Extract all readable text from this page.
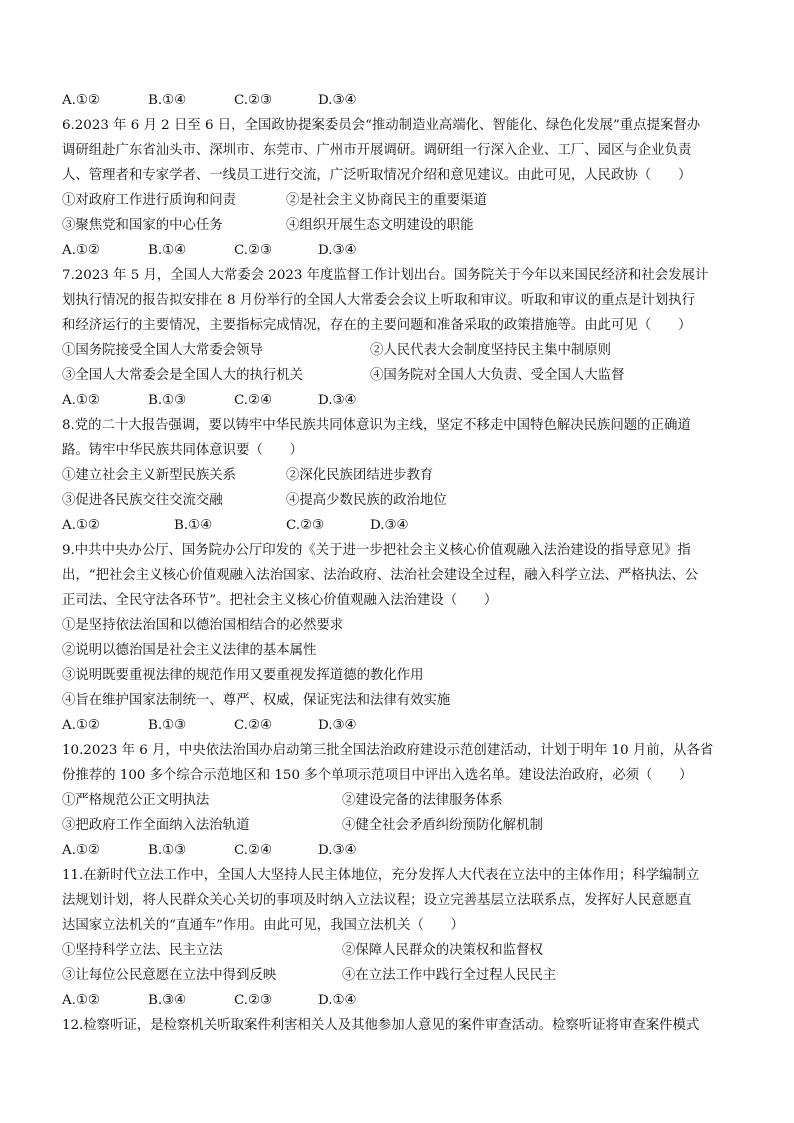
A.①②	B.①④	C.②③	D.③④
6.2023 年 6 月 2 日至 6 日，全国政协提案委员会“推动制造业高端化、智能化、绿色化发展”重点提案督办
调研组赴广东省汕头市、深圳市、东莞市、广州市开展调研。调研组一行深入企业、工厂、园区与企业负责
人、管理者和专家学者、一线员工进行交流，广泛听取情况介绍和意见建议。由此可见，人民政协（　　）
①对政府工作进行质询和问责	②是社会主义协商民主的重要渠道
③聚焦党和国家的中心任务	④组织开展生态文明建设的职能
A.①②	B.①④	C.②③	D.③④
7.2023 年 5 月，全国人大常委会 2023 年度监督工作计划出台。国务院关于今年以来国民经济和社会发展计
划执行情况的报告拟安排在 8 月份举行的全国人大常委会会议上听取和审议。听取和审议的重点是计划执行
和经济运行的主要情况，主要指标完成情况，存在的主要问题和准备采取的政策措施等。由此可见（　　）
①国务院接受全国人大常委会领导	②人民代表大会制度坚持民主集中制原则
③全国人大常委会是全国人大的执行机关	④国务院对全国人大负责、受全国人大监督
A.①②	B.①③	C.②④	D.③④
8.党的二十大报告强调，要以铸牢中华民族共同体意识为主线，坚定不移走中国特色解决民族问题的正确道
路。铸牢中华民族共同体意识要（　　）
①建立社会主义新型民族关系	②深化民族团结进步教育
③促进各民族交往交流交融	④提高少数民族的政治地位
A.①②	B.①④	C.②③	D.③④
9.中共中央办公厅、国务院办公厅印发的《关于进一步把社会主义核心价值观融入法治建设的指导意见》指
出，“把社会主义核心价值观融入法治国家、法治政府、法治社会建设全过程，融入科学立法、严格执法、公
正司法、全民守法各环节”。把社会主义核心价值观融入法治建设（　　）
①是坚持依法治国和以德治国相结合的必然要求
②说明以德治国是社会主义法律的基本属性
③说明既要重视法律的规范作用又要重视发挥道德的教化作用
④旨在维护国家法制统一、尊严、权威，保证宪法和法律有效实施
A.①②	B.①③	C.②④	D.③④
10.2023 年 6 月，中央依法治国办启动第三批全国法治政府建设示范创建活动，计划于明年 10 月前，从各省
份推荐的 100 多个综合示范地区和 150 多个单项示范项目中评出入选名单。建设法治政府，必须（　　）
①严格规范公正文明执法	②建设完备的法律服务体系
③把政府工作全面纳入法治轨道	④健全社会矛盾纠纷预防化解机制
A.①②	B.①③	C.②④	D.③④
11.在新时代立法工作中，全国人大坚持人民主体地位，充分发挥人大代表在立法中的主体作用；科学编制立
法规划计划，将人民群众关心关切的事项及时纳入立法议程；设立完善基层立法联系点，发挥好人民意愿直
达国家立法机关的“直通车”作用。由此可见，我国立法机关（　　）
①坚持科学立法、民主立法	②保障人民群众的决策权和监督权
③让每位公民意愿在立法中得到反映	④在立法工作中践行全过程人民民主
A.①②	B.③④	C.②③	D.①④
12.检察听证，是检察机关听取案件利害相关人及其他参加人意见的案件审查活动。检察听证将审查案件模式
